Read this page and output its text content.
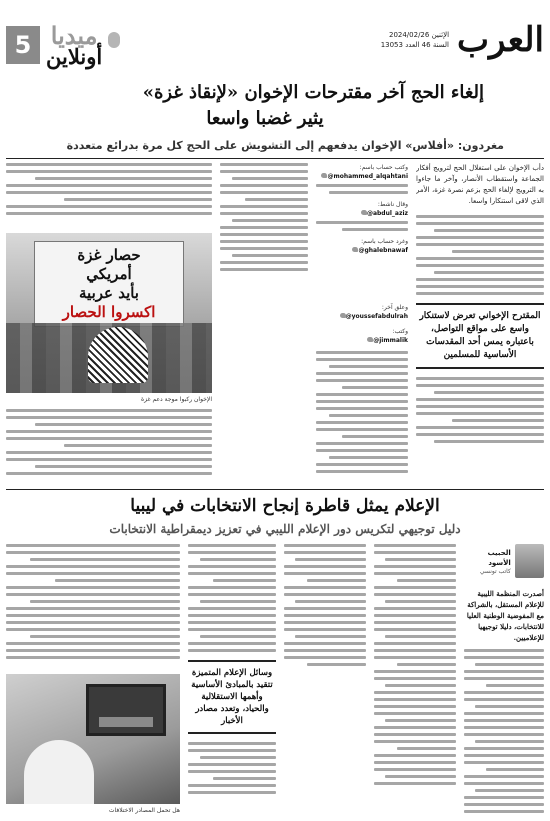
العرب
الإثنين 2024/02/26
السنة 46 العدد 13053
ميديا
أونلاين
5
إلغاء الحج آخر مقترحات الإخوان «لإنقاذ غزة»
يثير غضبا واسعا
مغردون: «أفلاس» الإخوان يدفعهم إلى التشويش على الحج كل مرة بدرائع متعددة

دأب الإخوان على استغلال الحج لترويج أفكار الجماعة واستقطاب الأنصار، وآخر ما جاءوا به الترويج لإلغاء الحج بزعم نصرة غزة، الأمر الذي لاقى استنكارا واسعا.

المقترح الإخواني تعرض لاستنكار واسع على مواقع التواصل، باعتباره يمس أحد المقدسات الأساسية للمسلمين
وكتب حساب باسم:
@mohammed_alqahtani
وقال ناشط:
@abdul_aziz
وغرد حساب باسم:
@ghalebnawaf
وعلق آخر:
@youssefabdulrah
وكتب:
@jimmalik
حصار غزة
أمريكي
بأيد عربية
اكسروا الحصار
الإخوان ركبوا موجة دعم غزة
الإعلام يمثل قاطرة إنجاح الانتخابات في ليبيا
دليل توجيهي لتكريس دور الإعلام الليبي في تعزيز ديمقراطية الانتخابات
الحبيب الأسود
كاتب تونسي

أصدرت المنظمة الليبية للإعلام المستقل، بالشراكة مع المفوضية الوطنية العليا للانتخابات، دليلا توجيهيا للإعلاميين.

وسائل الإعلام المتميزة تتقيد بالمبادئ الأساسية وأهمها الاستقلالية والحياد، وتعدد مصادر الأخبار
هل تحمل المصادر الاختلافات
